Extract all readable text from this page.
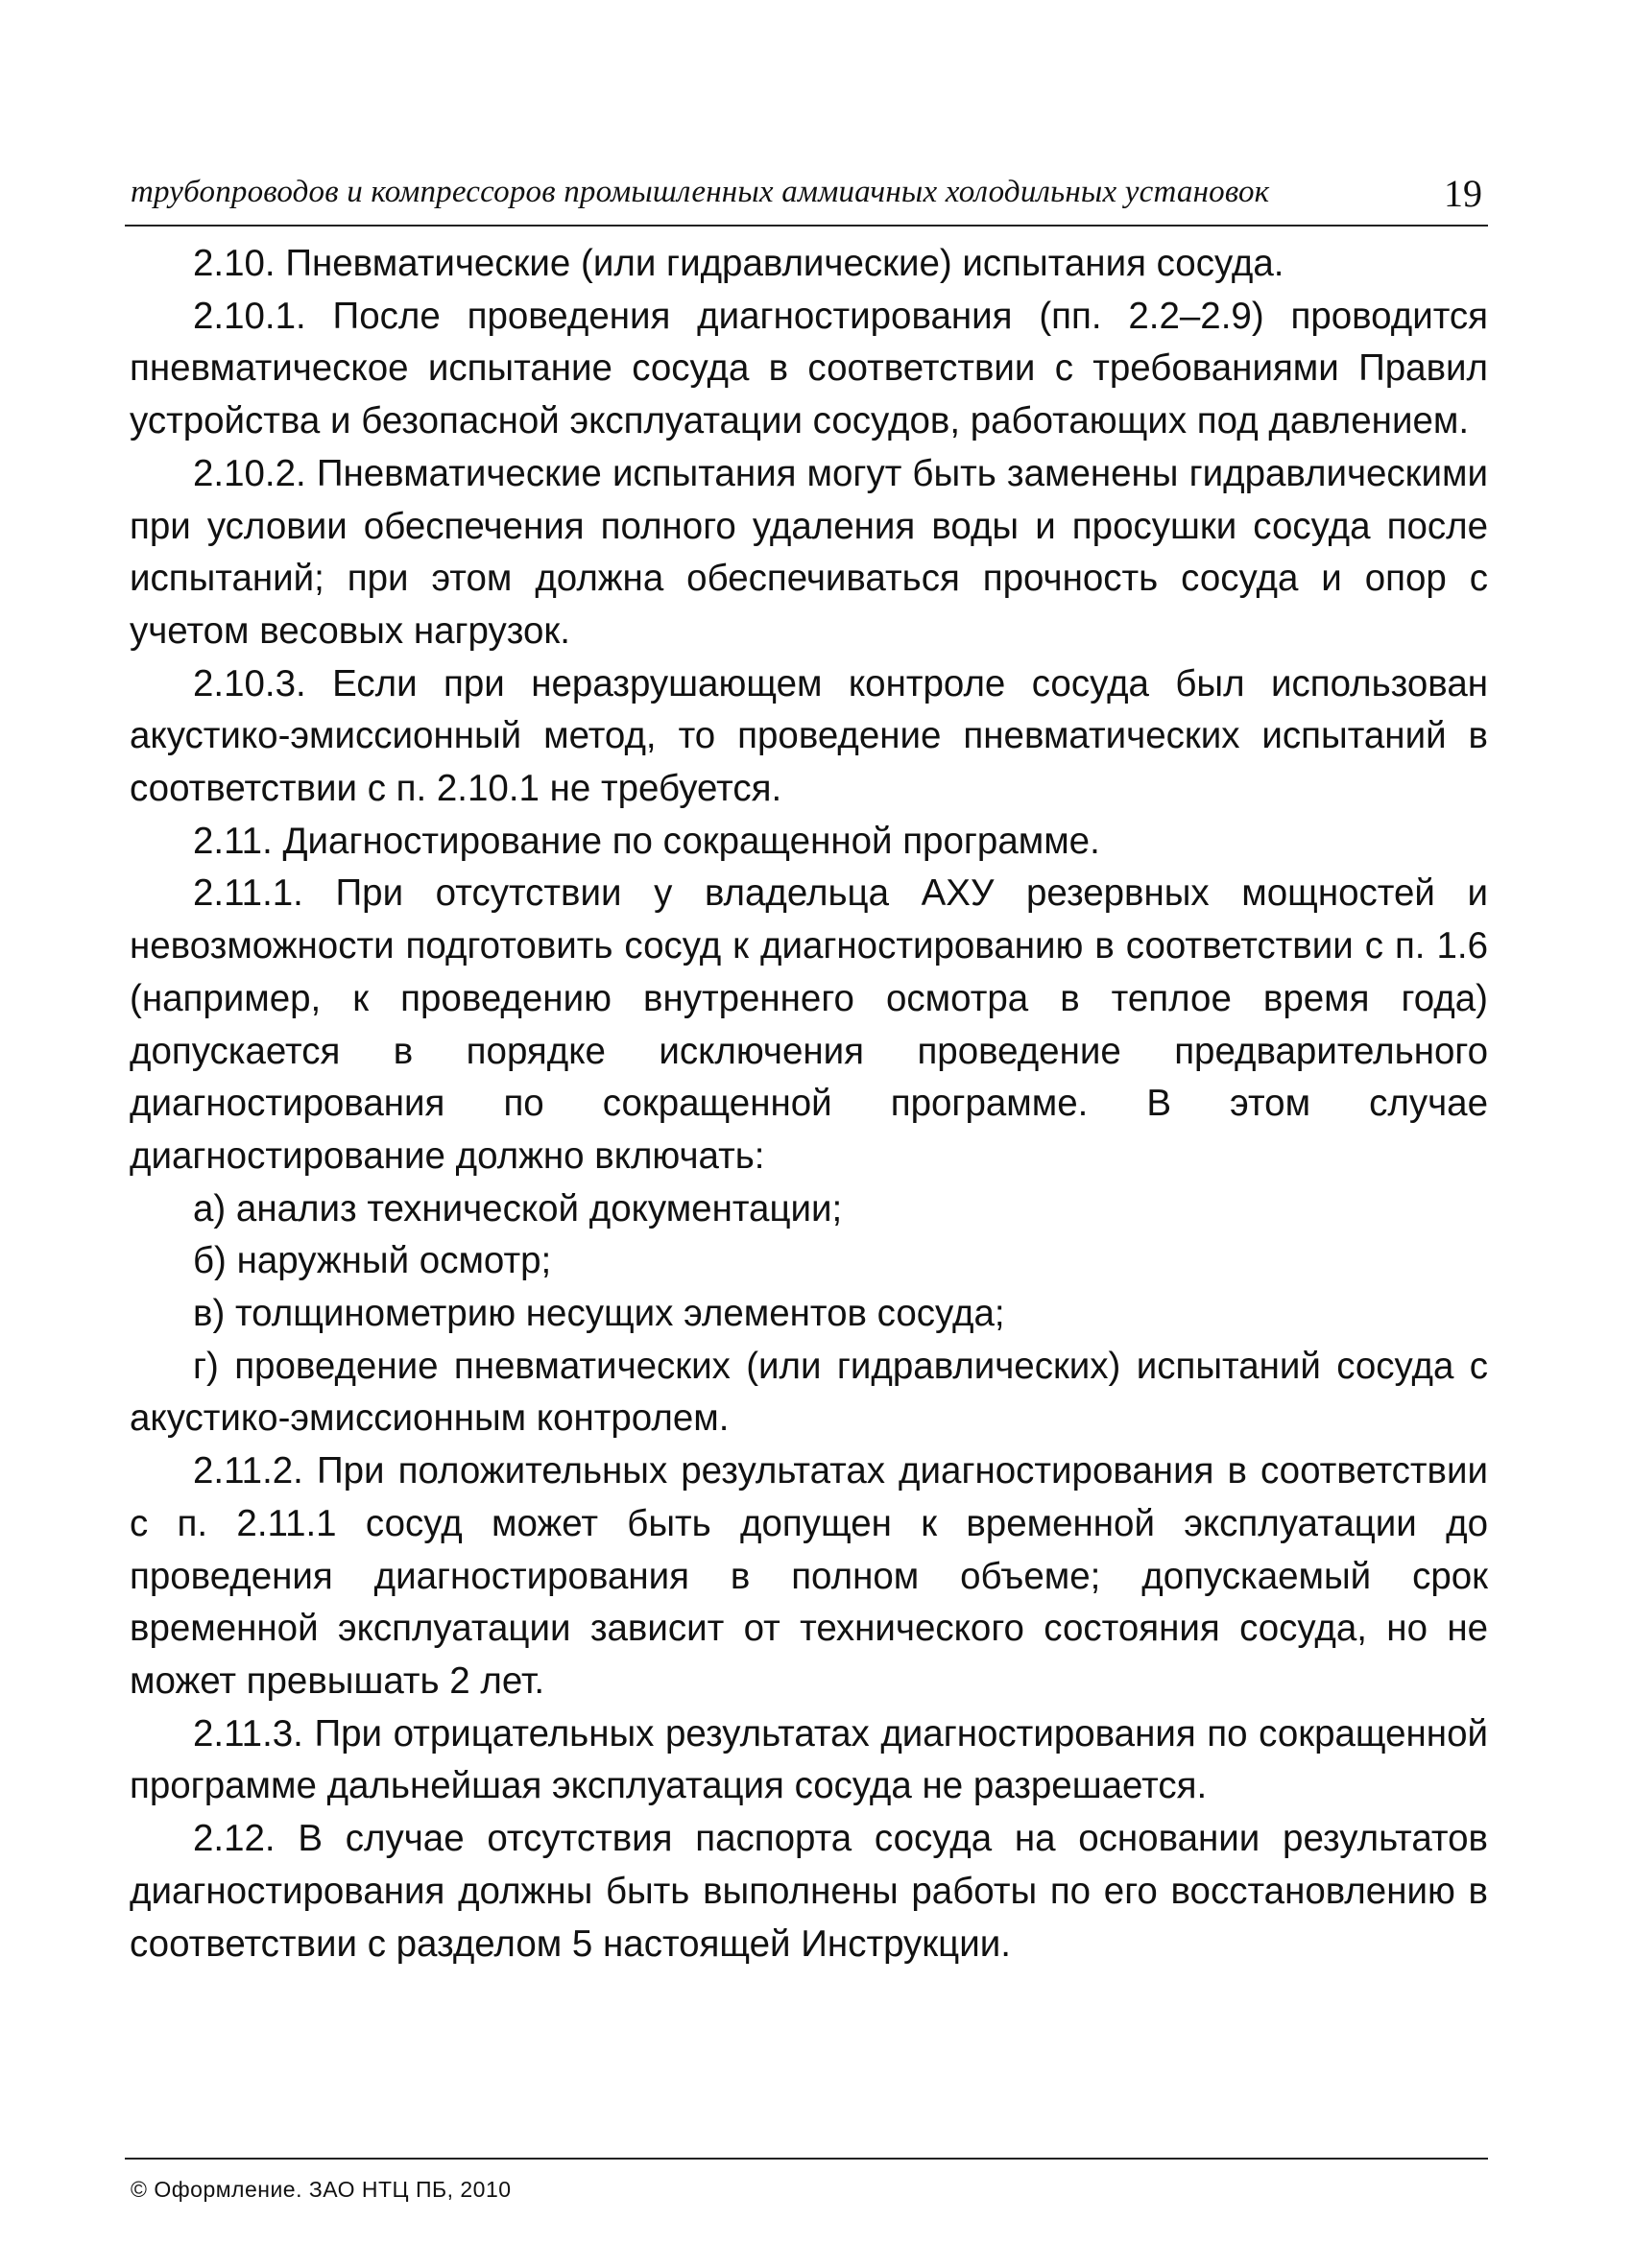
трубопроводов и компрессоров промышленных аммиачных холодильных установок	19

2.10. Пневматические (или гидравлические) испытания сосуда.

2.10.1. После проведения диагностирования (пп. 2.2–2.9) проводится пневматическое испытание сосуда в соответствии с требованиями Правил устройства и безопасной эксплуатации сосудов, работающих под давлением.

2.10.2. Пневматические испытания могут быть заменены гидравлическими при условии обеспечения полного удаления воды и просушки сосуда после испытаний; при этом должна обеспечиваться прочность сосуда и опор с учетом весовых нагрузок.

2.10.3. Если при неразрушающем контроле сосуда был использован акустико-эмиссионный метод, то проведение пневматических испытаний в соответствии с п. 2.10.1 не требуется.

2.11. Диагностирование по сокращенной программе.

2.11.1. При отсутствии у владельца АХУ резервных мощностей и невозможности подготовить сосуд к диагностированию в соответствии с п. 1.6 (например, к проведению внутреннего осмотра в теплое время года) допускается в порядке исключения проведение предварительного диагностирования по сокращенной программе. В этом случае диагностирование должно включать:

а) анализ технической документации;

б) наружный осмотр;

в) толщинометрию несущих элементов сосуда;

г) проведение пневматических (или гидравлических) испытаний сосуда с акустико-эмиссионным контролем.

2.11.2. При положительных результатах диагностирования в соответствии с п. 2.11.1 сосуд может быть допущен к временной эксплуатации до проведения диагностирования в полном объеме; допускаемый срок временной эксплуатации зависит от технического состояния сосуда, но не может превышать 2 лет.

2.11.3. При отрицательных результатах диагностирования по сокращенной программе дальнейшая эксплуатация сосуда не разрешается.

2.12. В случае отсутствия паспорта сосуда на основании результатов диагностирования должны быть выполнены работы по его восстановлению в соответствии с разделом 5 настоящей Инструкции.

© Оформление. ЗАО НТЦ ПБ, 2010
